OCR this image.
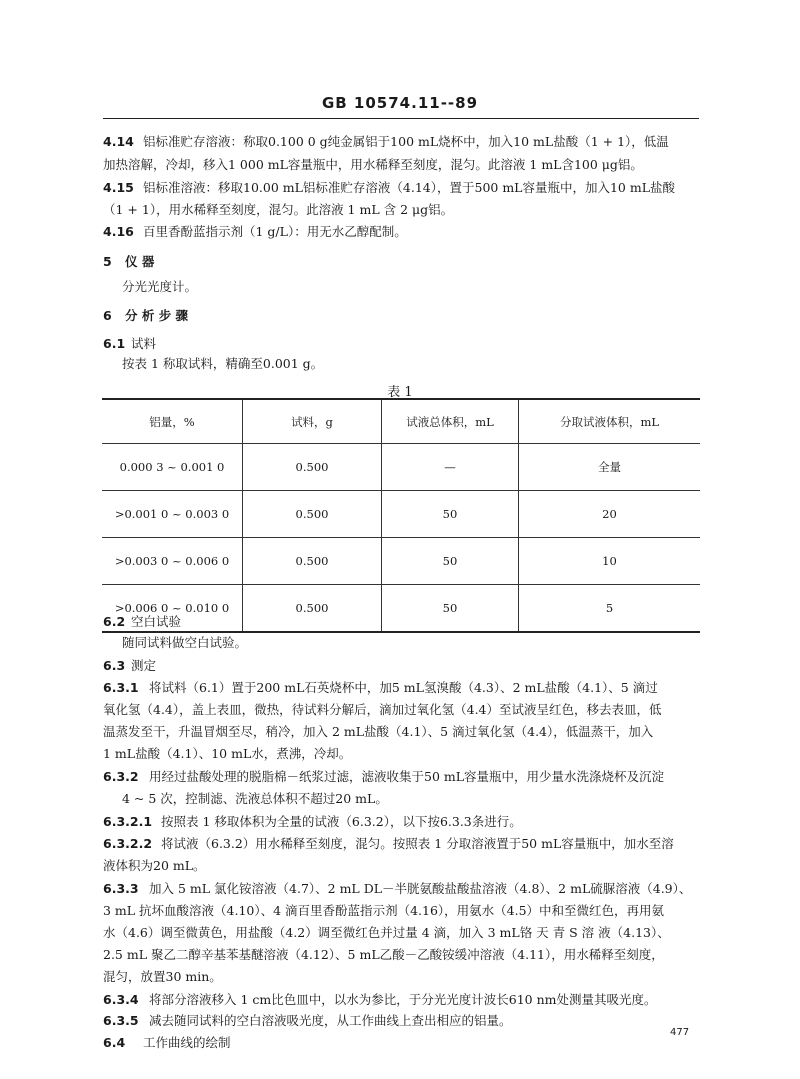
GB 10574.11--89
4.14 铝标准贮存溶液：称取0.100 0 g纯金属铝于100 mL烧杯中，加入10 mL盐酸（1 + 1），低温
加热溶解，冷却，移入1 000 mL容量瓶中，用水稀释至刻度，混匀。此溶液 1 mL含100 μg铝。
4.15 铝标准溶液：移取10.00 mL铝标准贮存溶液（4.14），置于500 mL容量瓶中，加入10 mL盐酸
（1 + 1），用水稀释至刻度，混匀。此溶液 1 mL 含 2 μg铝。
4.16 百里香酚蓝指示剂（1 g/L）：用无水乙醇配制。
5 仪 器
分光光度计。
6 分 析 步 骤
6.1 试料
按表 1 称取试料，精确至0.001 g。
表 1
铝量，%	试料，g	试液总体积，mL	分取试液体积，mL
0.000 3 ~ 0.001 0	0.500	—	全量
>0.001 0 ~ 0.003 0	0.500	50	20
>0.003 0 ~ 0.006 0	0.500	50	10
>0.006 0 ~ 0.010 0	0.500	50	5
6.2 空白试验
随同试料做空白试验。
6.3 测定
6.3.1 将试料（6.1）置于200 mL石英烧杯中，加5 mL氢溴酸（4.3）、2 mL盐酸（4.1）、5 滴过
氧化氢（4.4），盖上表皿，微热，待试料分解后，滴加过氧化氢（4.4）至试液呈红色，移去表皿，低
温蒸发至干，升温冒烟至尽，稍冷，加入 2 mL盐酸（4.1）、5 滴过氧化氢（4.4），低温蒸干，加入
1 mL盐酸（4.1）、10 mL水，煮沸，冷却。
6.3.2 用经过盐酸处理的脱脂棉－纸浆过滤，滤液收集于50 mL容量瓶中，用少量水洗涤烧杯及沉淀
4 ~ 5 次，控制滤、洗液总体积不超过20 mL。
6.3.2.1 按照表 1 移取体积为全量的试液（6.3.2），以下按6.3.3条进行。
6.3.2.2 将试液（6.3.2）用水稀释至刻度，混匀。按照表 1 分取溶液置于50 mL容量瓶中，加水至溶
液体积为20 mL。
6.3.3 加入 5 mL 氯化铵溶液（4.7）、2 mL DL－半胱氨酸盐酸盐溶液（4.8）、2 mL硫脲溶液（4.9）、
3 mL 抗坏血酸溶液（4.10）、4 滴百里香酚蓝指示剂（4.16），用氨水（4.5）中和至微红色，再用氨
水（4.6）调至微黄色，用盐酸（4.2）调至微红色并过量 4 滴，加入 3 mL铬 天 青 S 溶 液（4.13）、
2.5 mL 聚乙二醇辛基苯基醚溶液（4.12）、5 mL乙酸－乙酸铵缓冲溶液（4.11），用水稀释至刻度，
混匀，放置30 min。
6.3.4 将部分溶液移入 1 cm比色皿中，以水为参比，于分光光度计波长610 nm处测量其吸光度。
6.3.5 减去随同试料的空白溶液吸光度，从工作曲线上查出相应的铝量。
6.4 工作曲线的绘制
477
